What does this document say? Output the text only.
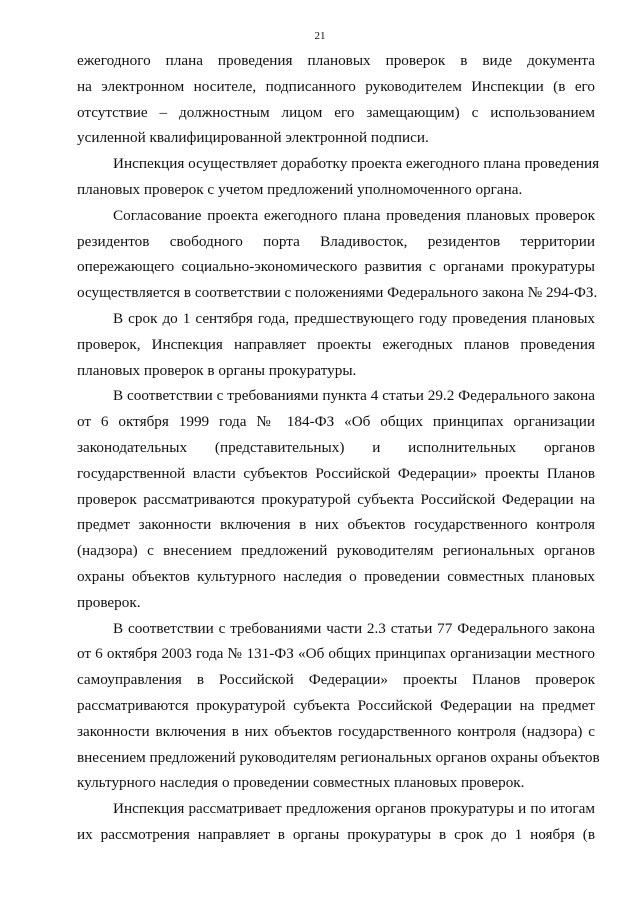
21
ежегодного плана проведения плановых проверок в виде документа
на электронном носителе, подписанного руководителем Инспекции (в его
отсутствие – должностным лицом его замещающим) с использованием
усиленной квалифицированной электронной подписи.
Инспекция осуществляет доработку проекта ежегодного плана проведения
плановых проверок с учетом предложений уполномоченного органа.
Согласование проекта ежегодного плана проведения плановых проверок
резидентов свободного порта Владивосток, резидентов территории
опережающего социально-экономического развития с органами прокуратуры
осуществляется в соответствии с положениями Федерального закона № 294-ФЗ.
В срок до 1 сентября года, предшествующего году проведения плановых
проверок, Инспекция направляет проекты ежегодных планов проведения
плановых проверок в органы прокуратуры.
В соответствии с требованиями пункта 4 статьи 29.2 Федерального закона
от 6 октября 1999 года № 184-ФЗ «Об общих принципах организации
законодательных (представительных) и исполнительных органов
государственной власти субъектов Российской Федерации» проекты Планов
проверок рассматриваются прокуратурой субъекта Российской Федерации на
предмет законности включения в них объектов государственного контроля
(надзора) с внесением предложений руководителям региональных органов
охраны объектов культурного наследия о проведении совместных плановых
проверок.
В соответствии с требованиями части 2.3 статьи 77 Федерального закона
от 6 октября 2003 года № 131-ФЗ «Об общих принципах организации местного
самоуправления в Российской Федерации» проекты Планов проверок
рассматриваются прокуратурой субъекта Российской Федерации на предмет
законности включения в них объектов государственного контроля (надзора) с
внесением предложений руководителям региональных органов охраны объектов
культурного наследия о проведении совместных плановых проверок.
Инспекция рассматривает предложения органов прокуратуры и по итогам
их рассмотрения направляет в органы прокуратуры в срок до 1 ноября (в
